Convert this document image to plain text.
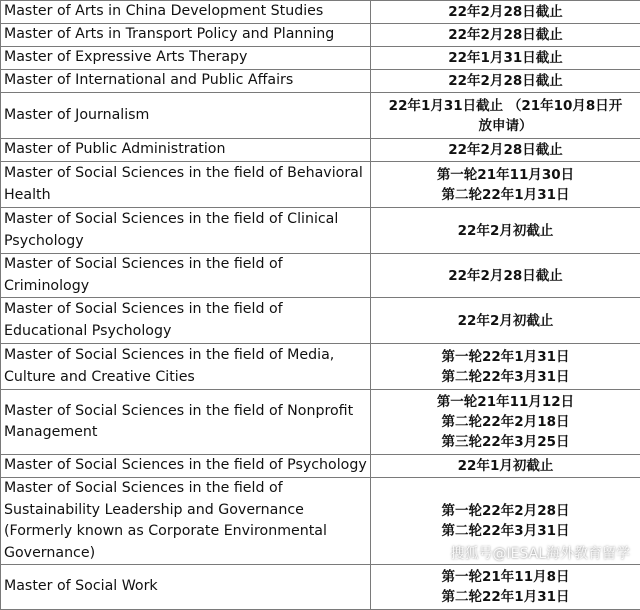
Master of Arts in China Development Studies	22年2月28日截止
Master of Arts in Transport Policy and Planning	22年2月28日截止
Master of Expressive Arts Therapy	22年1月31日截止
Master of International and Public Affairs	22年2月28日截止
Master of Journalism	22年1月31日截止 （21年10月8日开
放申请）
Master of Public Administration	22年2月28日截止
Master of Social Sciences in the field of Behavioral Health	第一轮21年11月30日
第二轮22年1月31日
Master of Social Sciences in the field of Clinical Psychology	22年2月初截止
Master of Social Sciences in the field of Criminology	22年2月28日截止
Master of Social Sciences in the field of Educational Psychology	22年2月初截止
Master of Social Sciences in the field of Media, Culture and Creative Cities	第一轮22年1月31日
第二轮22年3月31日
Master of Social Sciences in the field of Nonprofit Management	第一轮21年11月12日
第二轮22年2月18日
第三轮22年3月25日
Master of Social Sciences in the field of Psychology	22年1月初截止
Master of Social Sciences in the field of Sustainability Leadership and Governance (Formerly known as Corporate Environmental Governance)	第一轮22年2月28日
第二轮22年3月31日
Master of Social Work	第一轮21年11月8日
第二轮22年1月31日
搜狐号@IESAL海外教育留学
